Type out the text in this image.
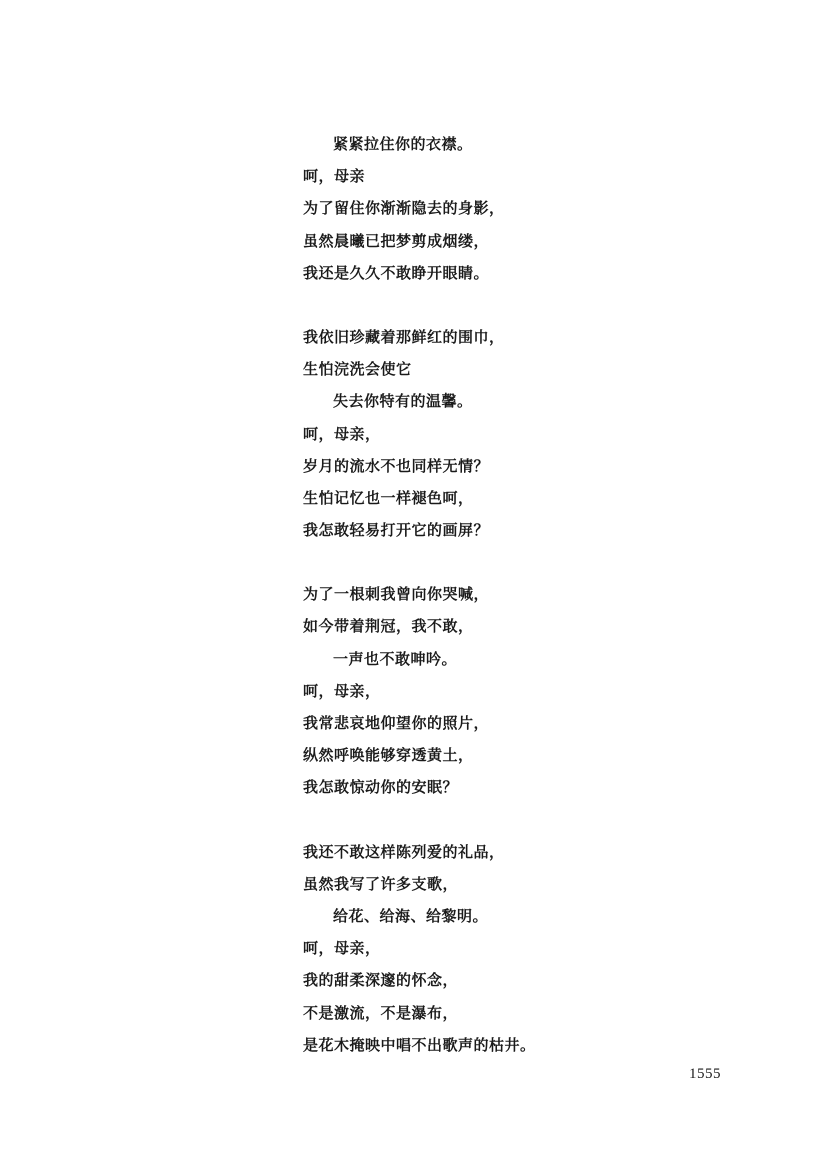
紧紧拉住你的衣襟。
呵，母亲
为了留住你渐渐隐去的身影，
虽然晨曦已把梦剪成烟缕，
我还是久久不敢睁开眼睛。
我依旧珍藏着那鲜红的围巾，
生怕浣洗会使它
失去你特有的温馨。
呵，母亲，
岁月的流水不也同样无情？
生怕记忆也一样褪色呵，
我怎敢轻易打开它的画屏？
为了一根刺我曾向你哭喊，
如今带着荆冠，我不敢，
一声也不敢呻吟。
呵，母亲，
我常悲哀地仰望你的照片，
纵然呼唤能够穿透黄土，
我怎敢惊动你的安眠？
我还不敢这样陈列爱的礼品，
虽然我写了许多支歌，
给花、给海、给黎明。
呵，母亲，
我的甜柔深邃的怀念，
不是激流，不是瀑布，
是花木掩映中唱不出歌声的枯井。
1555
